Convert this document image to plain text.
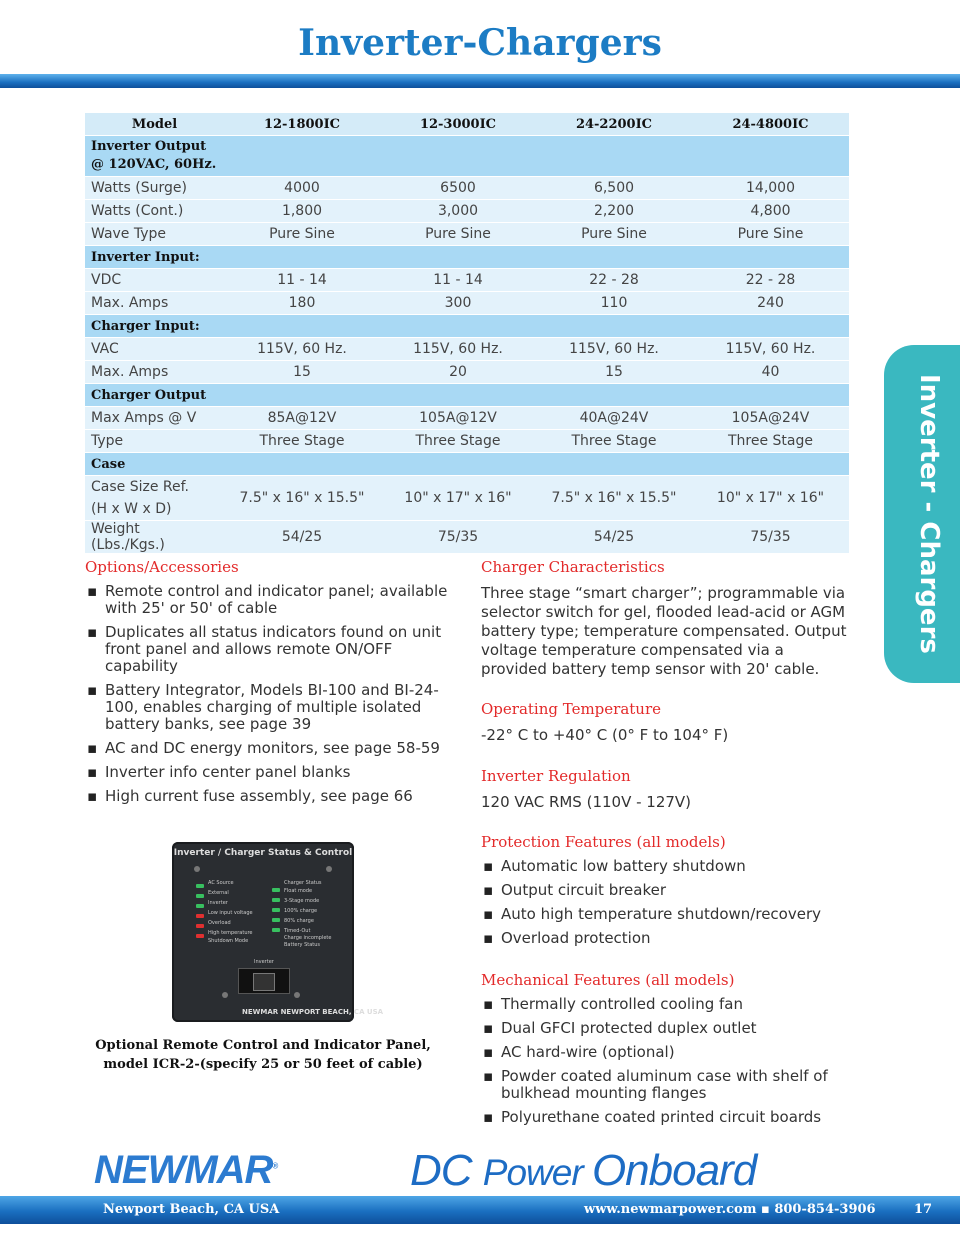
Inverter-Chargers
Model	12-1800IC	12-3000IC	24-2200IC	24-4800IC
Inverter Output
@ 120VAC, 60Hz.				
Watts (Surge)	4000	6500	6,500	14,000
Watts (Cont.)	1,800	3,000	2,200	4,800
Wave Type	Pure Sine	Pure Sine	Pure Sine	Pure Sine
Inverter Input:				
VDC	11 - 14	11 - 14	22 - 28	22 - 28
Max. Amps	180	300	110	240
Charger Input:				
VAC	115V, 60 Hz.	115V, 60 Hz.	115V, 60 Hz.	115V, 60 Hz.
Max. Amps	15	20	15	40
Charger Output				
Max Amps @ V	85A@12V	105A@12V	40A@24V	105A@24V
Type	Three Stage	Three Stage	Three Stage	Three Stage
Case				
Case Size Ref.
(H x W x D)	7.5" x 16" x 15.5"	10" x 17" x 16"	7.5" x 16" x 15.5"	10" x 17" x 16"
Weight (Lbs./Kgs.)	54/25	75/35	54/25	75/35
Options/Accessories
▪ Remote control and indicator panel; available with 25' or 50' of cable
▪ Duplicates all status indicators found on unit front panel and allows remote ON/OFF capability
▪ Battery Integrator, Models BI-100 and BI-24-100, enables charging of multiple isolated battery banks, see page 39
▪ AC and DC energy monitors, see page 58-59
▪ Inverter info center panel blanks
▪ High current fuse assembly, see page 66
Inverter / Charger Status & Control
AC Source
External
Inverter
Low input voltage
Overload
High temperature
Shutdown Mode
Charger Status
Float mode
3-Stage mode
100% charge
80% charge
Timed-Out
Charge incomplete
Battery Status
Inverter
NEWMAR NEWPORT BEACH, CA USA
Optional Remote Control and Indicator Panel,
model ICR-2-(specify 25 or 50 feet of cable)
Charger Characteristics
Three stage “smart charger”; programmable via selector switch for gel, flooded lead-acid or AGM battery type; temperature compensated. Output voltage temperature compensated via a provided battery temp sensor with 20' cable.
Operating Temperature
-22° C to +40° C (0° F to 104° F)
Inverter Regulation
120 VAC RMS (110V - 127V)
Protection Features (all models)
▪ Automatic low battery shutdown
▪ Output circuit breaker
▪ Auto high temperature shutdown/recovery
▪ Overload protection
Mechanical Features (all models)
▪ Thermally controlled cooling fan
▪ Dual GFCI protected duplex outlet
▪ AC hard-wire (optional)
▪ Powder coated aluminum case with shelf of bulkhead mounting flanges
▪ Polyurethane coated printed circuit boards
Inverter - Chargers
NEWMAR®	DC Power Onboard
Newport Beach, CA USA	www.newmarpower.com ▪ 800-854-3906	17
